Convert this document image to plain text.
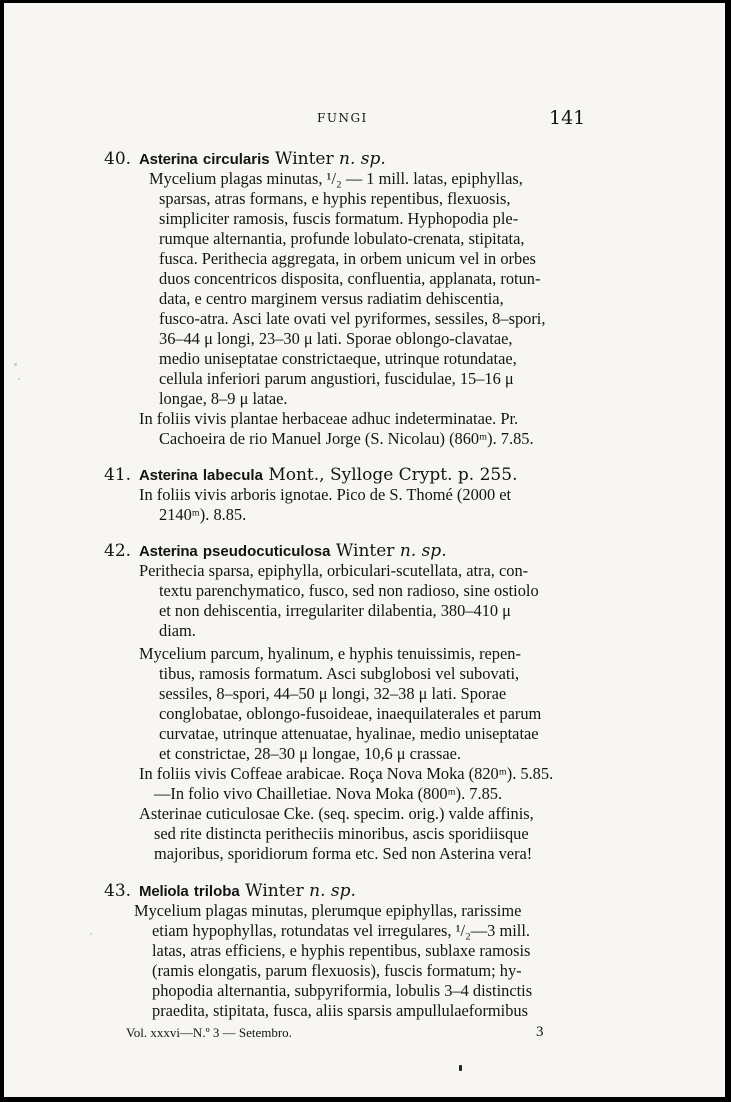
FUNGI	141
40. Asterina circularis Winter n. sp.
Mycelium plagas minutas, ¹/₂ — 1 mill. latas, epiphyllas,
sparsas, atras formans, e hyphis repentibus, flexuosis,
simpliciter ramosis, fuscis formatum. Hyphopodia ple-
rumque alternantia, profunde lobulato-crenata, stipitata,
fusca. Perithecia aggregata, in orbem unicum vel in orbes
duos concentricos disposita, confluentia, applanata, rotun-
data, e centro marginem versus radiatim dehiscentia,
fusco-atra. Asci late ovati vel pyriformes, sessiles, 8–spori,
36–44 μ longi, 23–30 μ lati. Sporae oblongo-clavatae,
medio uniseptatae constrictaeque, utrinque rotundatae,
cellula inferiori parum angustiori, fuscidulae, 15–16 μ
longae, 8–9 μ latae.
In foliis vivis plantae herbaceae adhuc indeterminatae. Pr.
Cachoeira de rio Manuel Jorge (S. Nicolau) (860ᵐ). 7.85.
41. Asterina labecula Mont., Sylloge Crypt. p. 255.
In foliis vivis arboris ignotae. Pico de S. Thomé (2000 et
2140ᵐ). 8.85.
42. Asterina pseudocuticulosa Winter n. sp.
Perithecia sparsa, epiphylla, orbiculari-scutellata, atra, con-
textu parenchymatico, fusco, sed non radioso, sine ostiolo
et non dehiscentia, irregulariter dilabentia, 380–410 μ
diam.
Mycelium parcum, hyalinum, e hyphis tenuissimis, repen-
tibus, ramosis formatum. Asci subglobosi vel subovati,
sessiles, 8–spori, 44–50 μ longi, 32–38 μ lati. Sporae
conglobatae, oblongo-fusoideae, inaequilaterales et parum
curvatae, utrinque attenuatae, hyalinae, medio uniseptatae
et constrictae, 28–30 μ longae, 10,6 μ crassae.
In foliis vivis Coffeae arabicae. Roça Nova Moka (820ᵐ). 5.85.
—In folio vivo Chailletiae. Nova Moka (800ᵐ). 7.85.
Asterinae cuticulosae Cke. (seq. specim. orig.) valde affinis,
sed rite distincta peritheciis minoribus, ascis sporidiisque
majoribus, sporidiorum forma etc. Sed non Asterina vera!
43. Meliola triloba Winter n. sp.
Mycelium plagas minutas, plerumque epiphyllas, rarissime
etiam hypophyllas, rotundatas vel irregulares, ¹/₂—3 mill.
latas, atras efficiens, e hyphis repentibus, sublaxe ramosis
(ramis elongatis, parum flexuosis), fuscis formatum; hy-
phopodia alternantia, subpyriformia, lobulis 3–4 distinctis
praedita, stipitata, fusca, aliis sparsis ampullulaeformibus
Vol. xxxvi—N.º 3 — Setembro.	3
